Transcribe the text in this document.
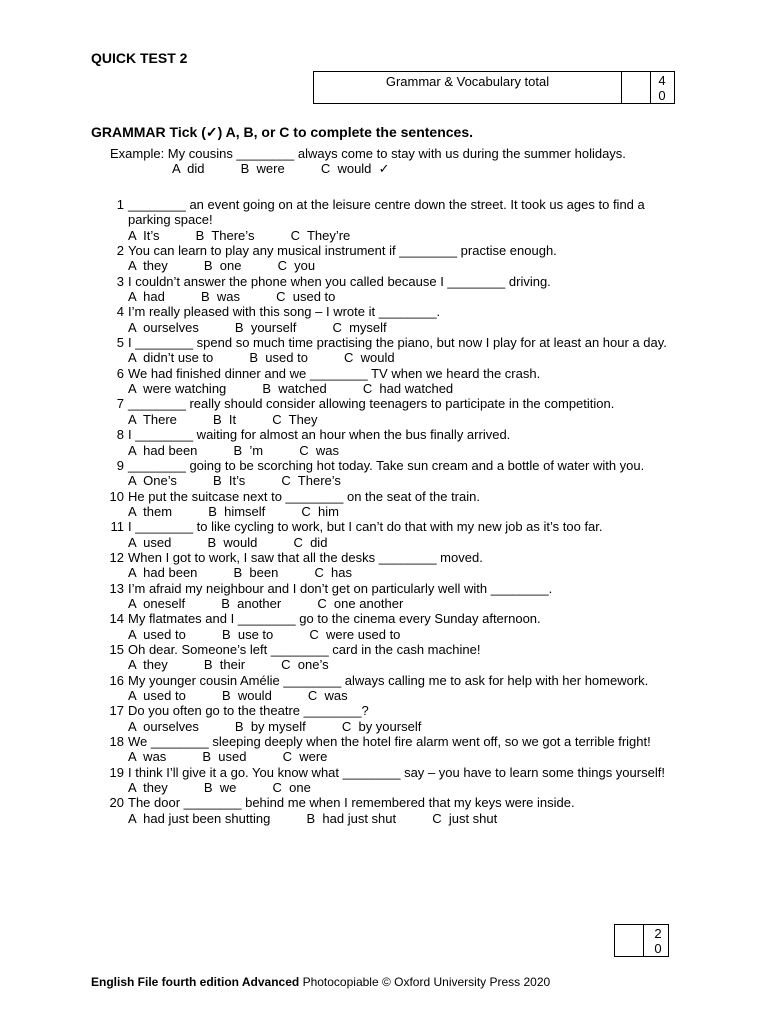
QUICK TEST 2
Grammar & Vocabulary total	4
0
GRAMMAR Tick (✓) A, B, or C to complete the sentences.
Example: My cousins ________ always come to stay with us during the summer holidays.
A  did          B  were          C  would  ✓
1 ________ an event going on at the leisure centre down the street. It took us ages to find a parking space!
A  It’s          B  There’s          C  They’re
2 You can learn to play any musical instrument if ________ practise enough.
A  they          B  one          C  you
3 I couldn’t answer the phone when you called because I ________ driving.
A  had          B  was          C  used to
4 I’m really pleased with this song – I wrote it ________.
A  ourselves          B  yourself          C  myself
5 I ________ spend so much time practising the piano, but now I play for at least an hour a day.
A  didn’t use to          B  used to          C  would
6 We had finished dinner and we ________ TV when we heard the crash.
A  were watching          B  watched          C  had watched
7 ________ really should consider allowing teenagers to participate in the competition.
A  There          B  It          C  They
8 I ________ waiting for almost an hour when the bus finally arrived.
A  had been          B  ’m          C  was
9 ________ going to be scorching hot today. Take sun cream and a bottle of water with you.
A  One’s          B  It’s          C  There’s
10 He put the suitcase next to ________ on the seat of the train.
A  them          B  himself          C  him
11 I ________ to like cycling to work, but I can’t do that with my new job as it’s too far.
A  used          B  would          C  did
12 When I got to work, I saw that all the desks ________ moved.
A  had been          B  been          C  has
13 I’m afraid my neighbour and I don’t get on particularly well with ________.
A  oneself          B  another          C  one another
14 My flatmates and I ________ go to the cinema every Sunday afternoon.
A  used to          B  use to          C  were used to
15 Oh dear. Someone’s left ________ card in the cash machine!
A  they          B  their          C  one’s
16 My younger cousin Amélie ________ always calling me to ask for help with her homework.
A  used to          B  would          C  was
17 Do you often go to the theatre ________?
A  ourselves          B  by myself          C  by yourself
18 We ________ sleeping deeply when the hotel fire alarm went off, so we got a terrible fright!
A  was          B  used          C  were
19 I think I’ll give it a go. You know what ________ say – you have to learn some things yourself!
A  they          B  we          C  one
20 The door ________ behind me when I remembered that my keys were inside.
A  had just been shutting          B  had just shut          C  just shut
2
0
English File fourth edition Advanced Photocopiable © Oxford University Press 2020
